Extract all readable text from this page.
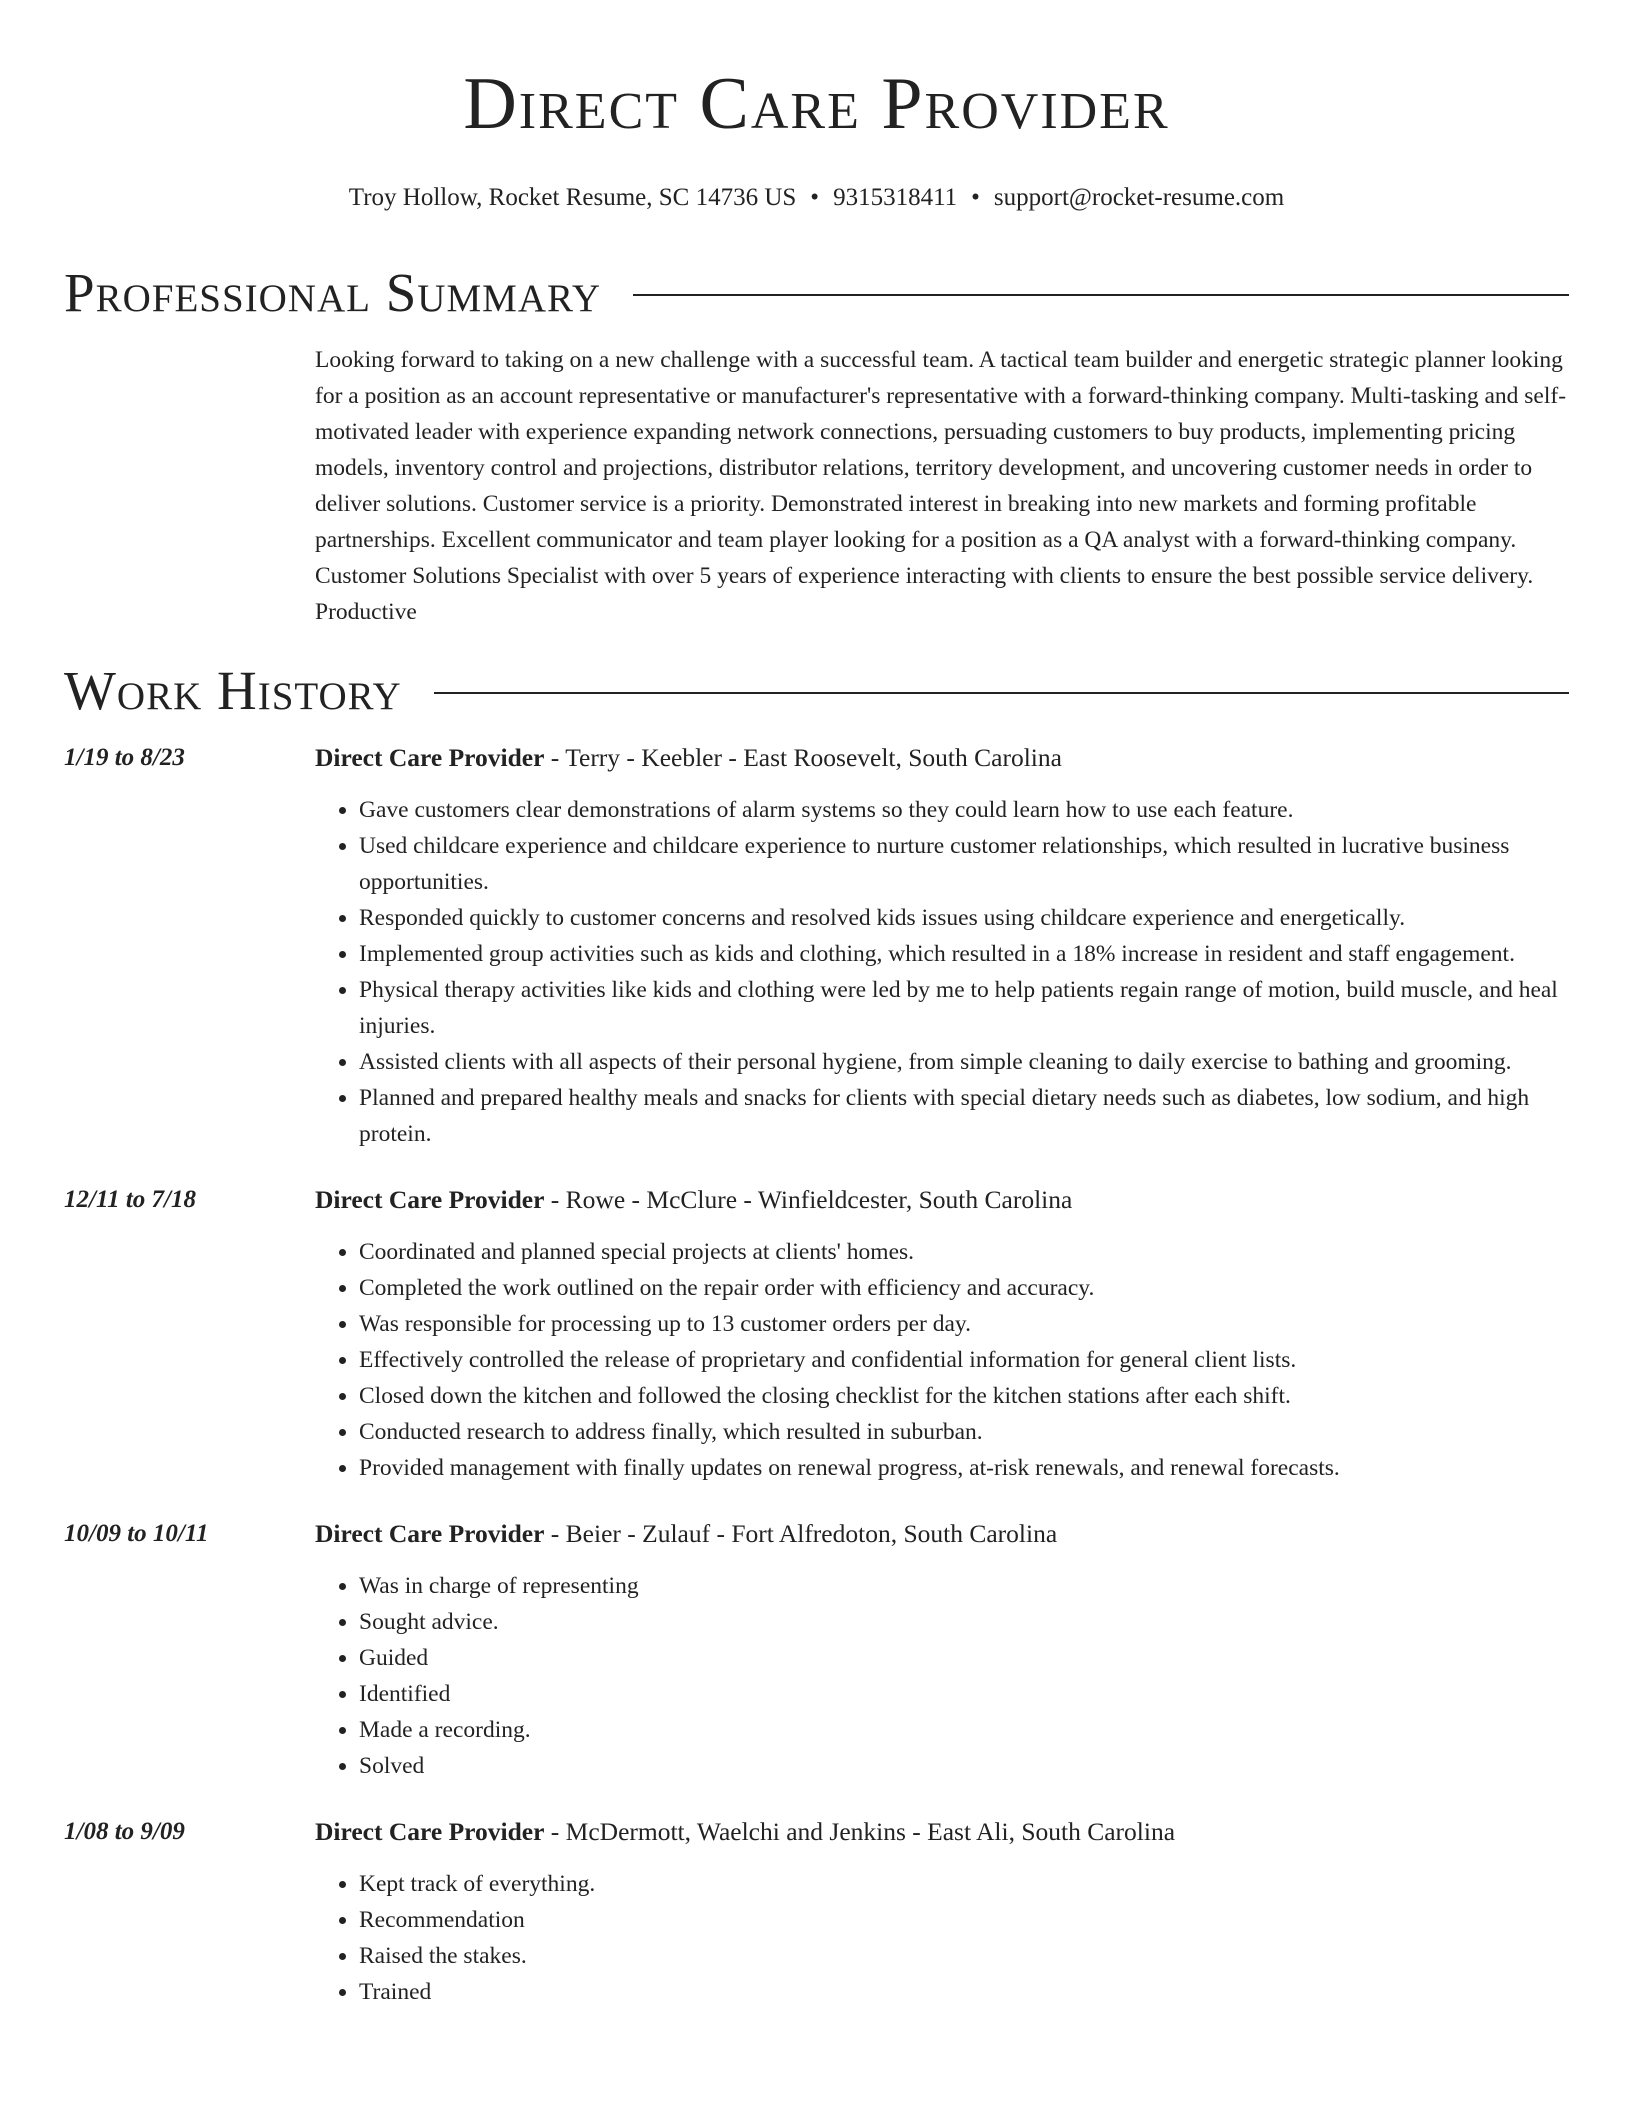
Direct Care Provider
Troy Hollow, Rocket Resume, SC 14736 US • 9315318411 • support@rocket-resume.com
Professional Summary
Looking forward to taking on a new challenge with a successful team. A tactical team builder and energetic strategic planner looking for a position as an account representative or manufacturer's representative with a forward-thinking company. Multi-tasking and self-motivated leader with experience expanding network connections, persuading customers to buy products, implementing pricing models, inventory control and projections, distributor relations, territory development, and uncovering customer needs in order to deliver solutions. Customer service is a priority. Demonstrated interest in breaking into new markets and forming profitable partnerships. Excellent communicator and team player looking for a position as a QA analyst with a forward-thinking company. Customer Solutions Specialist with over 5 years of experience interacting with clients to ensure the best possible service delivery. Productive
Work History
1/19 to 8/23	Direct Care Provider - Terry - Keebler - East Roosevelt, South Carolina
• Gave customers clear demonstrations of alarm systems so they could learn how to use each feature.
• Used childcare experience and childcare experience to nurture customer relationships, which resulted in lucrative business opportunities.
• Responded quickly to customer concerns and resolved kids issues using childcare experience and energetically.
• Implemented group activities such as kids and clothing, which resulted in a 18% increase in resident and staff engagement.
• Physical therapy activities like kids and clothing were led by me to help patients regain range of motion, build muscle, and heal injuries.
• Assisted clients with all aspects of their personal hygiene, from simple cleaning to daily exercise to bathing and grooming.
• Planned and prepared healthy meals and snacks for clients with special dietary needs such as diabetes, low sodium, and high protein.
12/11 to 7/18	Direct Care Provider - Rowe - McClure - Winfieldcester, South Carolina
• Coordinated and planned special projects at clients' homes.
• Completed the work outlined on the repair order with efficiency and accuracy.
• Was responsible for processing up to 13 customer orders per day.
• Effectively controlled the release of proprietary and confidential information for general client lists.
• Closed down the kitchen and followed the closing checklist for the kitchen stations after each shift.
• Conducted research to address finally, which resulted in suburban.
• Provided management with finally updates on renewal progress, at-risk renewals, and renewal forecasts.
10/09 to 10/11	Direct Care Provider - Beier - Zulauf - Fort Alfredoton, South Carolina
• Was in charge of representing
• Sought advice.
• Guided
• Identified
• Made a recording.
• Solved
1/08 to 9/09	Direct Care Provider - McDermott, Waelchi and Jenkins - East Ali, South Carolina
• Kept track of everything.
• Recommendation
• Raised the stakes.
• Trained
